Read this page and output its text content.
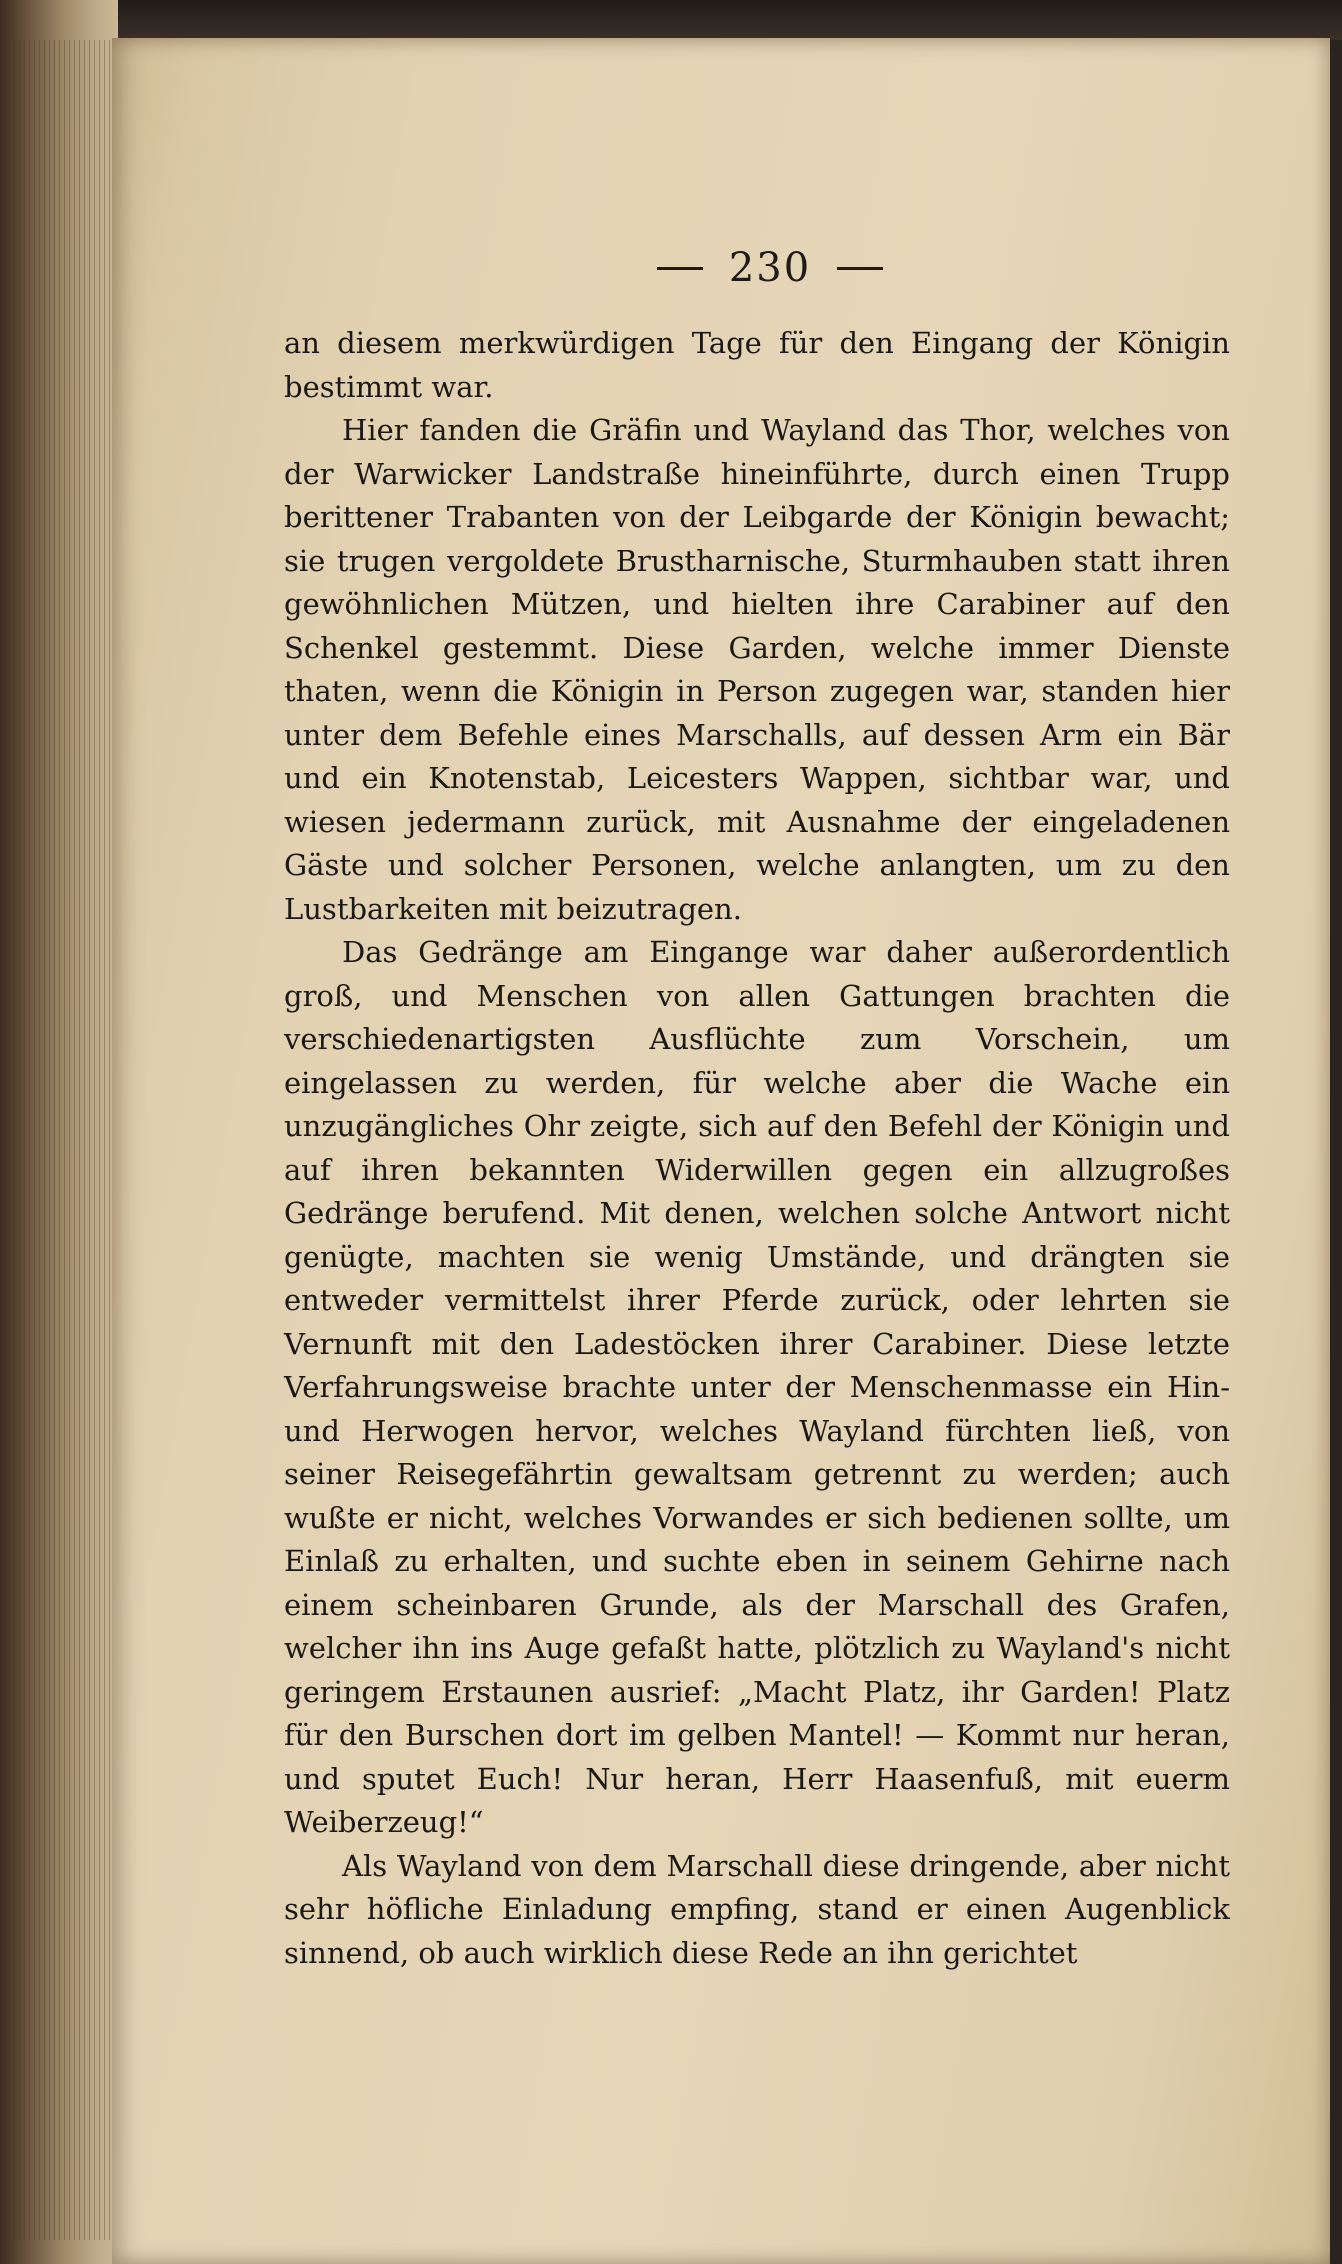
230

an diesem merkwürdigen Tage für den Eingang der Königin bestimmt war.

Hier fanden die Gräfin und Wayland das Thor, welches von der Warwicker Landstraße hineinführte, durch einen Trupp berittener Trabanten von der Leibgarde der Königin bewacht; sie trugen vergoldete Brustharnische, Sturmhauben statt ihren gewöhnlichen Mützen, und hielten ihre Carabiner auf den Schenkel gestemmt. Diese Garden, welche immer Dienste thaten, wenn die Königin in Person zugegen war, standen hier unter dem Befehle eines Marschalls, auf dessen Arm ein Bär und ein Knotenstab, Leicesters Wappen, sichtbar war, und wiesen jedermann zurück, mit Ausnahme der eingeladenen Gäste und solcher Personen, welche anlangten, um zu den Lustbarkeiten mit beizutragen.

Das Gedränge am Eingange war daher außerordentlich groß, und Menschen von allen Gattungen brachten die verschiedenartigsten Ausflüchte zum Vorschein, um eingelassen zu werden, für welche aber die Wache ein unzugängliches Ohr zeigte, sich auf den Befehl der Königin und auf ihren bekannten Widerwillen gegen ein allzugroßes Gedränge berufend. Mit denen, welchen solche Antwort nicht genügte, machten sie wenig Umstände, und drängten sie entweder vermittelst ihrer Pferde zurück, oder lehrten sie Vernunft mit den Ladestöcken ihrer Carabiner. Diese letzte Verfahrungsweise brachte unter der Menschenmasse ein Hin- und Herwogen hervor, welches Wayland fürchten ließ, von seiner Reisegefährtin gewaltsam getrennt zu werden; auch wußte er nicht, welches Vorwandes er sich bedienen sollte, um Einlaß zu erhalten, und suchte eben in seinem Gehirne nach einem scheinbaren Grunde, als der Marschall des Grafen, welcher ihn ins Auge gefaßt hatte, plötzlich zu Wayland's nicht geringem Erstaunen ausrief: „Macht Platz, ihr Garden! Platz für den Burschen dort im gelben Mantel! — Kommt nur heran, und sputet Euch! Nur heran, Herr Haasenfuß, mit euerm Weiberzeug!“

Als Wayland von dem Marschall diese dringende, aber nicht sehr höfliche Einladung empfing, stand er einen Augenblick sinnend, ob auch wirklich diese Rede an ihn gerichtet
